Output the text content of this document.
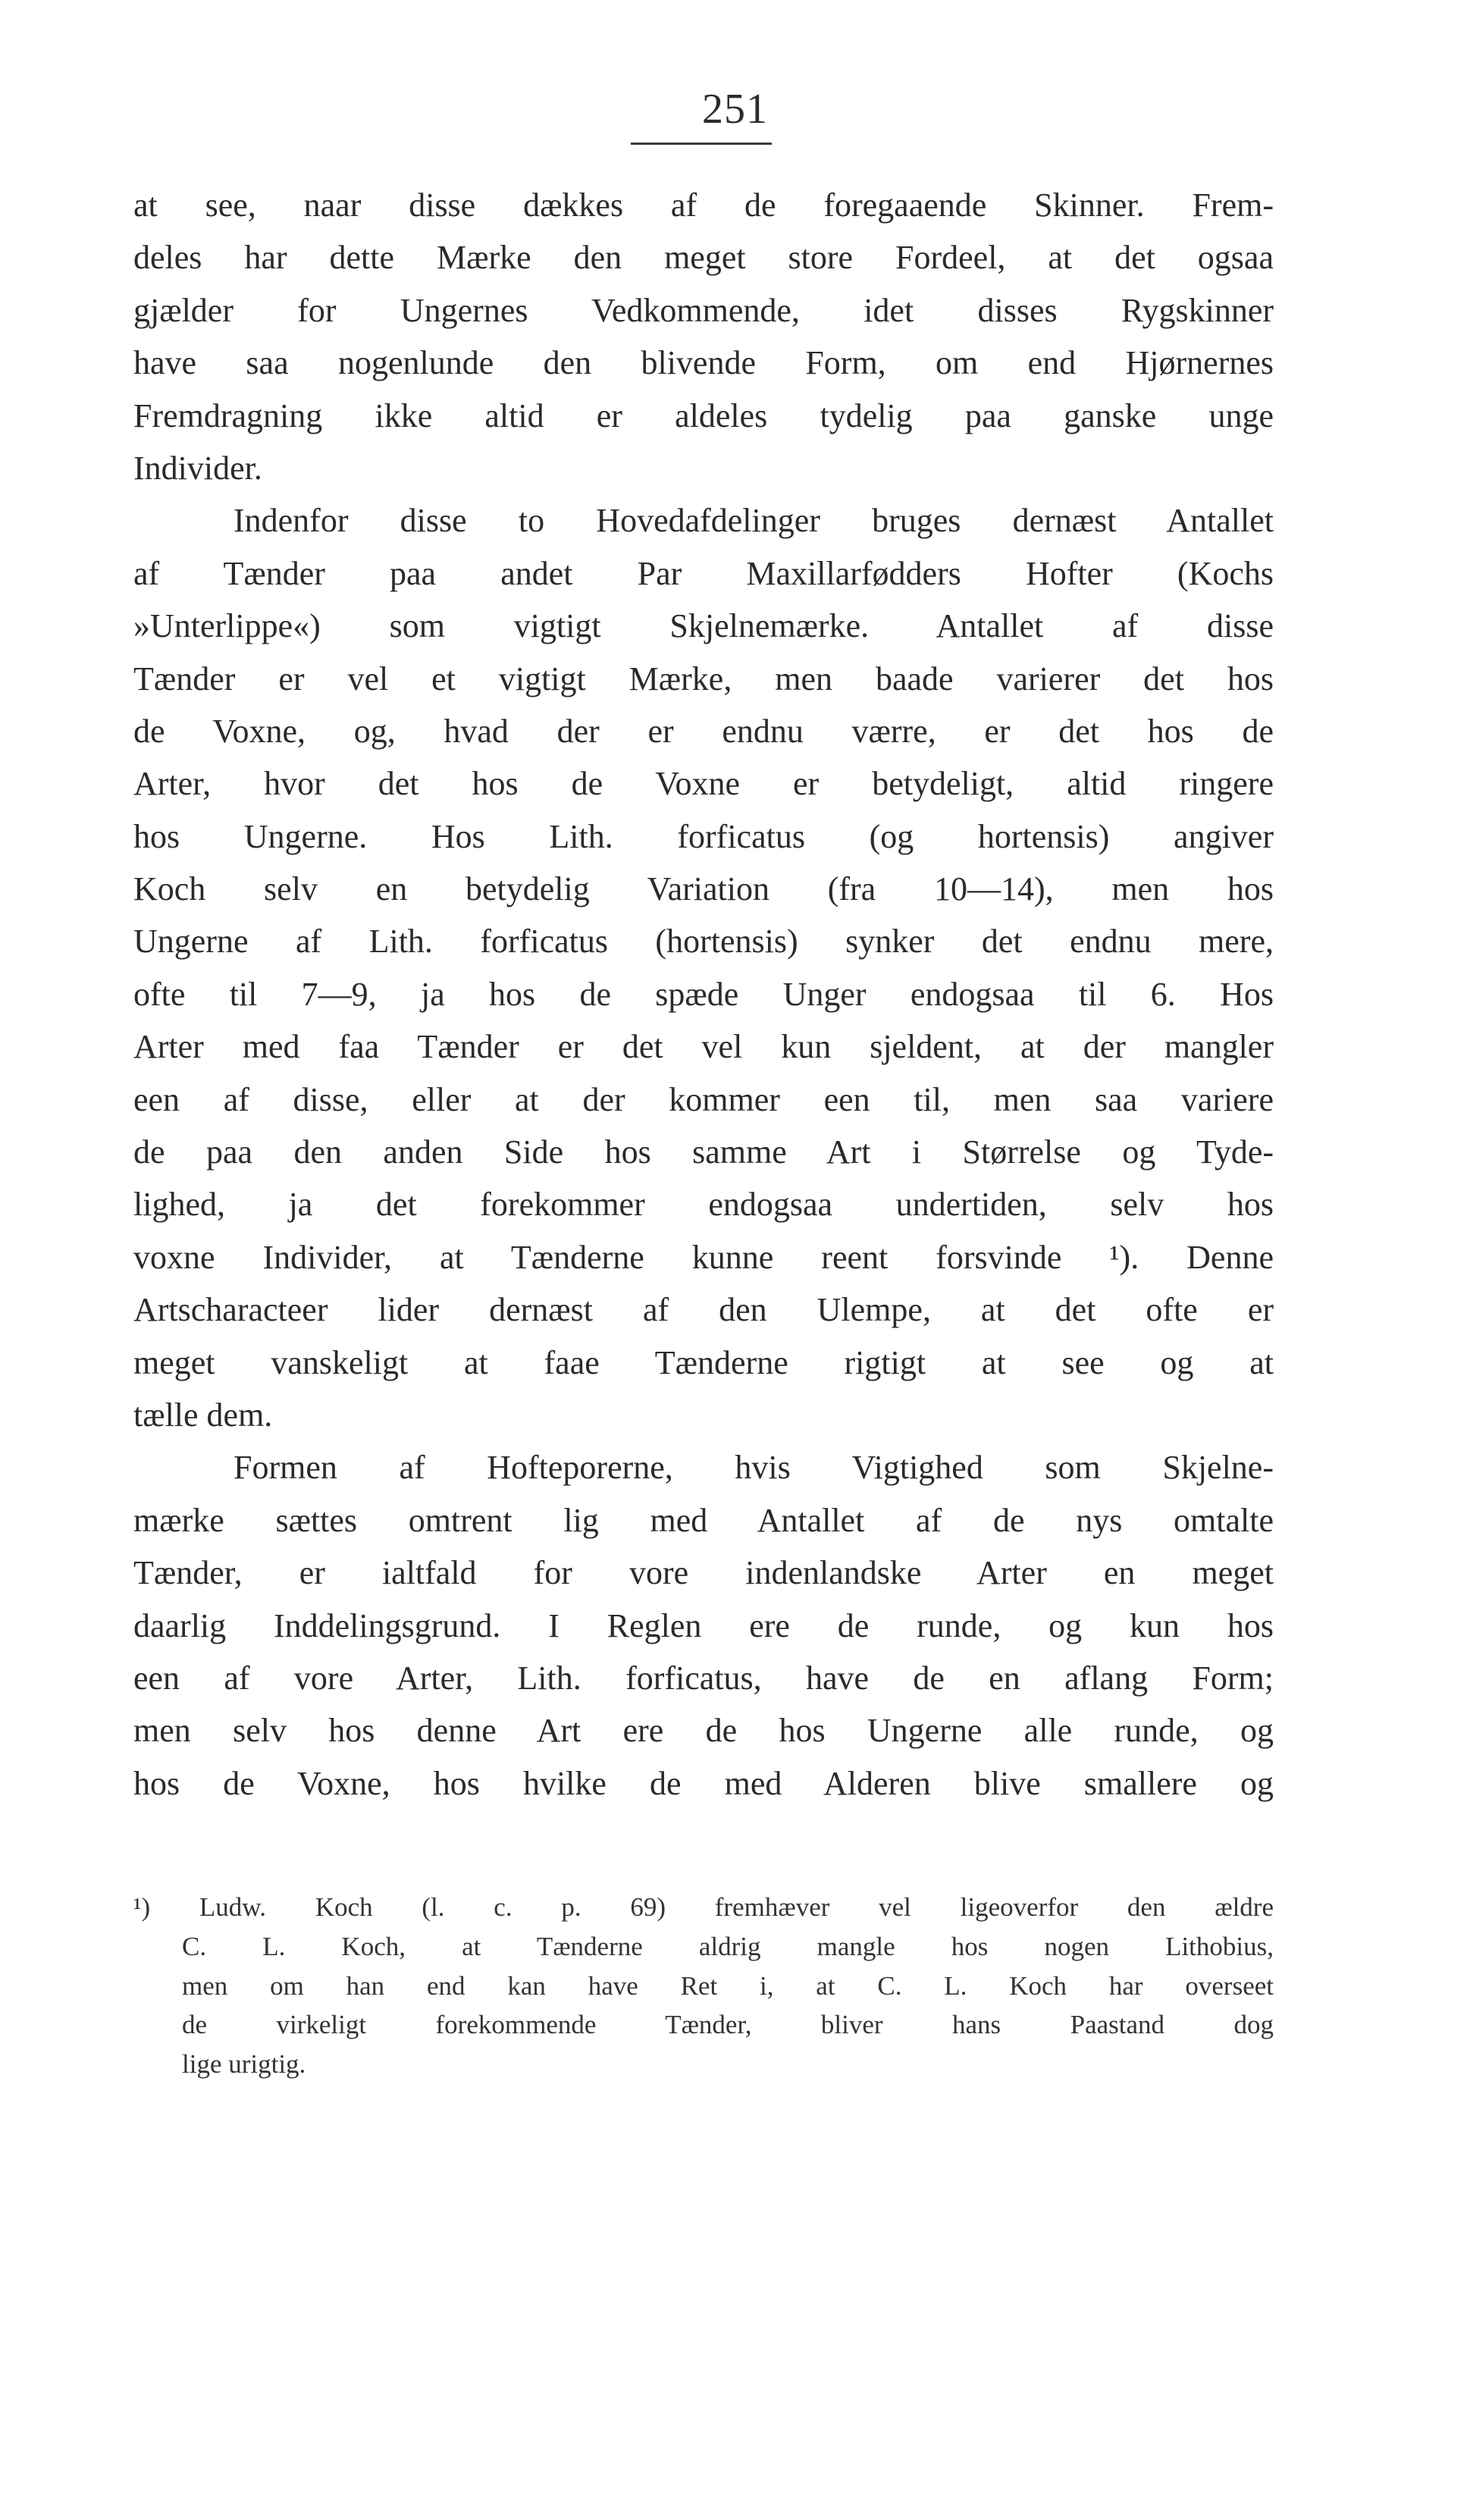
251
at see, naar disse dækkes af de foregaaende Skinner. Frem-
deles har dette Mærke den meget store Fordeel, at det ogsaa
gjælder for Ungernes Vedkommende, idet disses Rygskinner
have saa nogenlunde den blivende Form, om end Hjørnernes
Fremdragning ikke altid er aldeles tydelig paa ganske unge
Individer.
Indenfor disse to Hovedafdelinger bruges dernæst Antallet
af Tænder paa andet Par Maxillarfødders Hofter (Kochs
»Unterlippe«) som vigtigt Skjelnemærke. Antallet af disse
Tænder er vel et vigtigt Mærke, men baade varierer det hos
de Voxne, og, hvad der er endnu værre, er det hos de
Arter, hvor det hos de Voxne er betydeligt, altid ringere
hos Ungerne. Hos Lith. forficatus (og hortensis) angiver
Koch selv en betydelig Variation (fra 10—14), men hos
Ungerne af Lith. forficatus (hortensis) synker det endnu mere,
ofte til 7—9, ja hos de spæde Unger endogsaa til 6. Hos
Arter med faa Tænder er det vel kun sjeldent, at der mangler
een af disse, eller at der kommer een til, men saa variere
de paa den anden Side hos samme Art i Størrelse og Tyde-
lighed, ja det forekommer endogsaa undertiden, selv hos
voxne Individer, at Tænderne kunne reent forsvinde ¹). Denne
Artscharacteer lider dernæst af den Ulempe, at det ofte er
meget vanskeligt at faae Tænderne rigtigt at see og at
tælle dem.
Formen af Hofteporerne, hvis Vigtighed som Skjelne-
mærke sættes omtrent lig med Antallet af de nys omtalte
Tænder, er ialtfald for vore indenlandske Arter en meget
daarlig Inddelingsgrund. I Reglen ere de runde, og kun hos
een af vore Arter, Lith. forficatus, have de en aflang Form;
men selv hos denne Art ere de hos Ungerne alle runde, og
hos de Voxne, hos hvilke de med Alderen blive smallere og
¹) Ludw. Koch (l. c. p. 69) fremhæver vel ligeoverfor den ældre
C. L. Koch, at Tænderne aldrig mangle hos nogen Lithobius,
men om han end kan have Ret i, at C. L. Koch har overseet
de virkeligt forekommende Tænder, bliver hans Paastand dog
lige urigtig.
